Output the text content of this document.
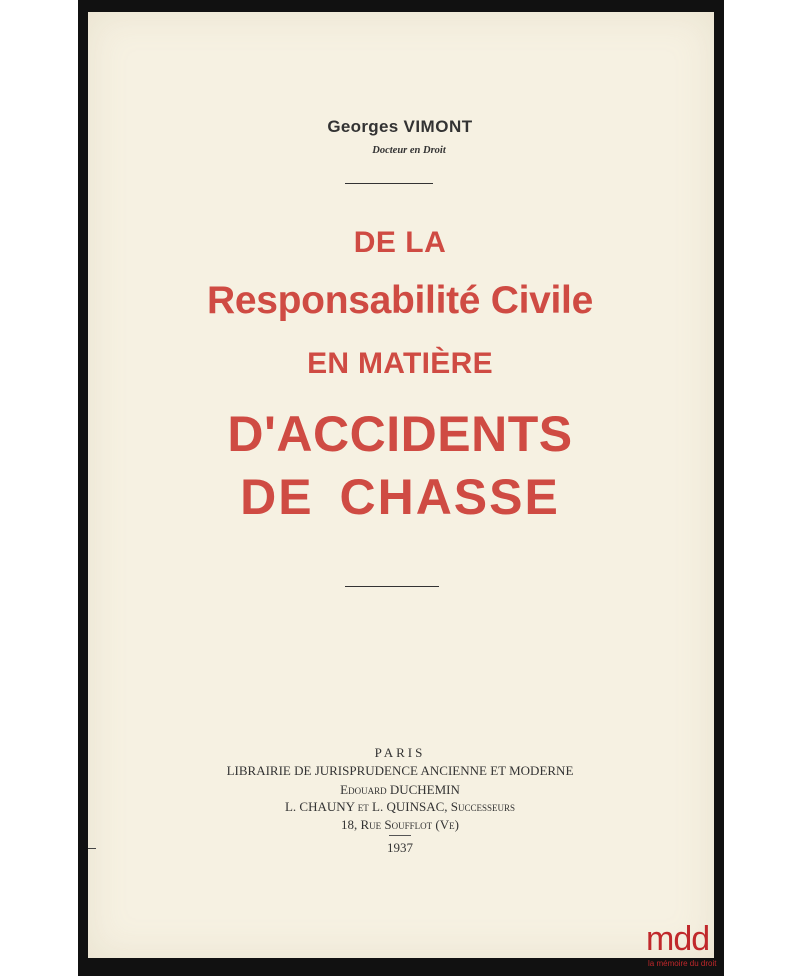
Georges VIMONT
Docteur en Droit
DE LA
Responsabilité Civile
EN MATIÈRE
D'ACCIDENTS
DE CHASSE
PARIS
LIBRAIRIE DE JURISPRUDENCE ANCIENNE ET MODERNE
Edouard DUCHEMIN
L. CHAUNY et L. QUINSAC, Successeurs
18, Rue Soufflot (Ve)
1937
mdd
la mémoire du droit
